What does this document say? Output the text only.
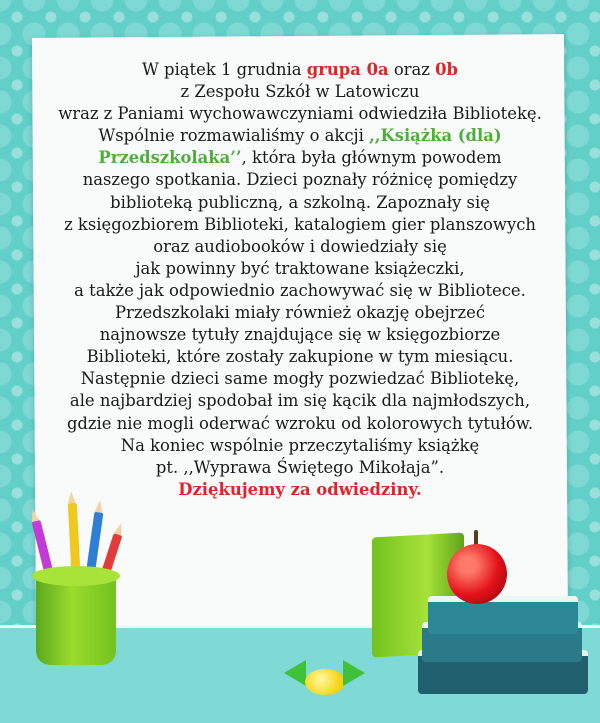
W piątek 1 grudnia grupa 0a oraz 0b
z Zespołu Szkół w Latowiczu
wraz z Paniami wychowawczyniami odwiedziła Bibliotekę.
Wspólnie rozmawialiśmy o akcji ,,Książka (dla)
Przedszkolaka’’, która była głównym powodem
naszego spotkania. Dzieci poznały różnicę pomiędzy
biblioteką publiczną, a szkolną. Zapoznały się
z księgozbiorem Biblioteki, katalogiem gier planszowych
oraz audiobooków i dowiedziały się
jak powinny być traktowane książeczki,
a także jak odpowiednio zachowywać się w Bibliotece.
Przedszkolaki miały również okazję obejrzeć
najnowsze tytuły znajdujące się w księgozbiorze
Biblioteki, które zostały zakupione w tym miesiącu.
Następnie dzieci same mogły pozwiedzać Bibliotekę,
ale najbardziej spodobał im się kącik dla najmłodszych,
gdzie nie mogli oderwać wzroku od kolorowych tytułów.
Na koniec wspólnie przeczytaliśmy książkę
pt. ,,Wyprawa Świętego Mikołaja”.
Dziękujemy za odwiedziny.
